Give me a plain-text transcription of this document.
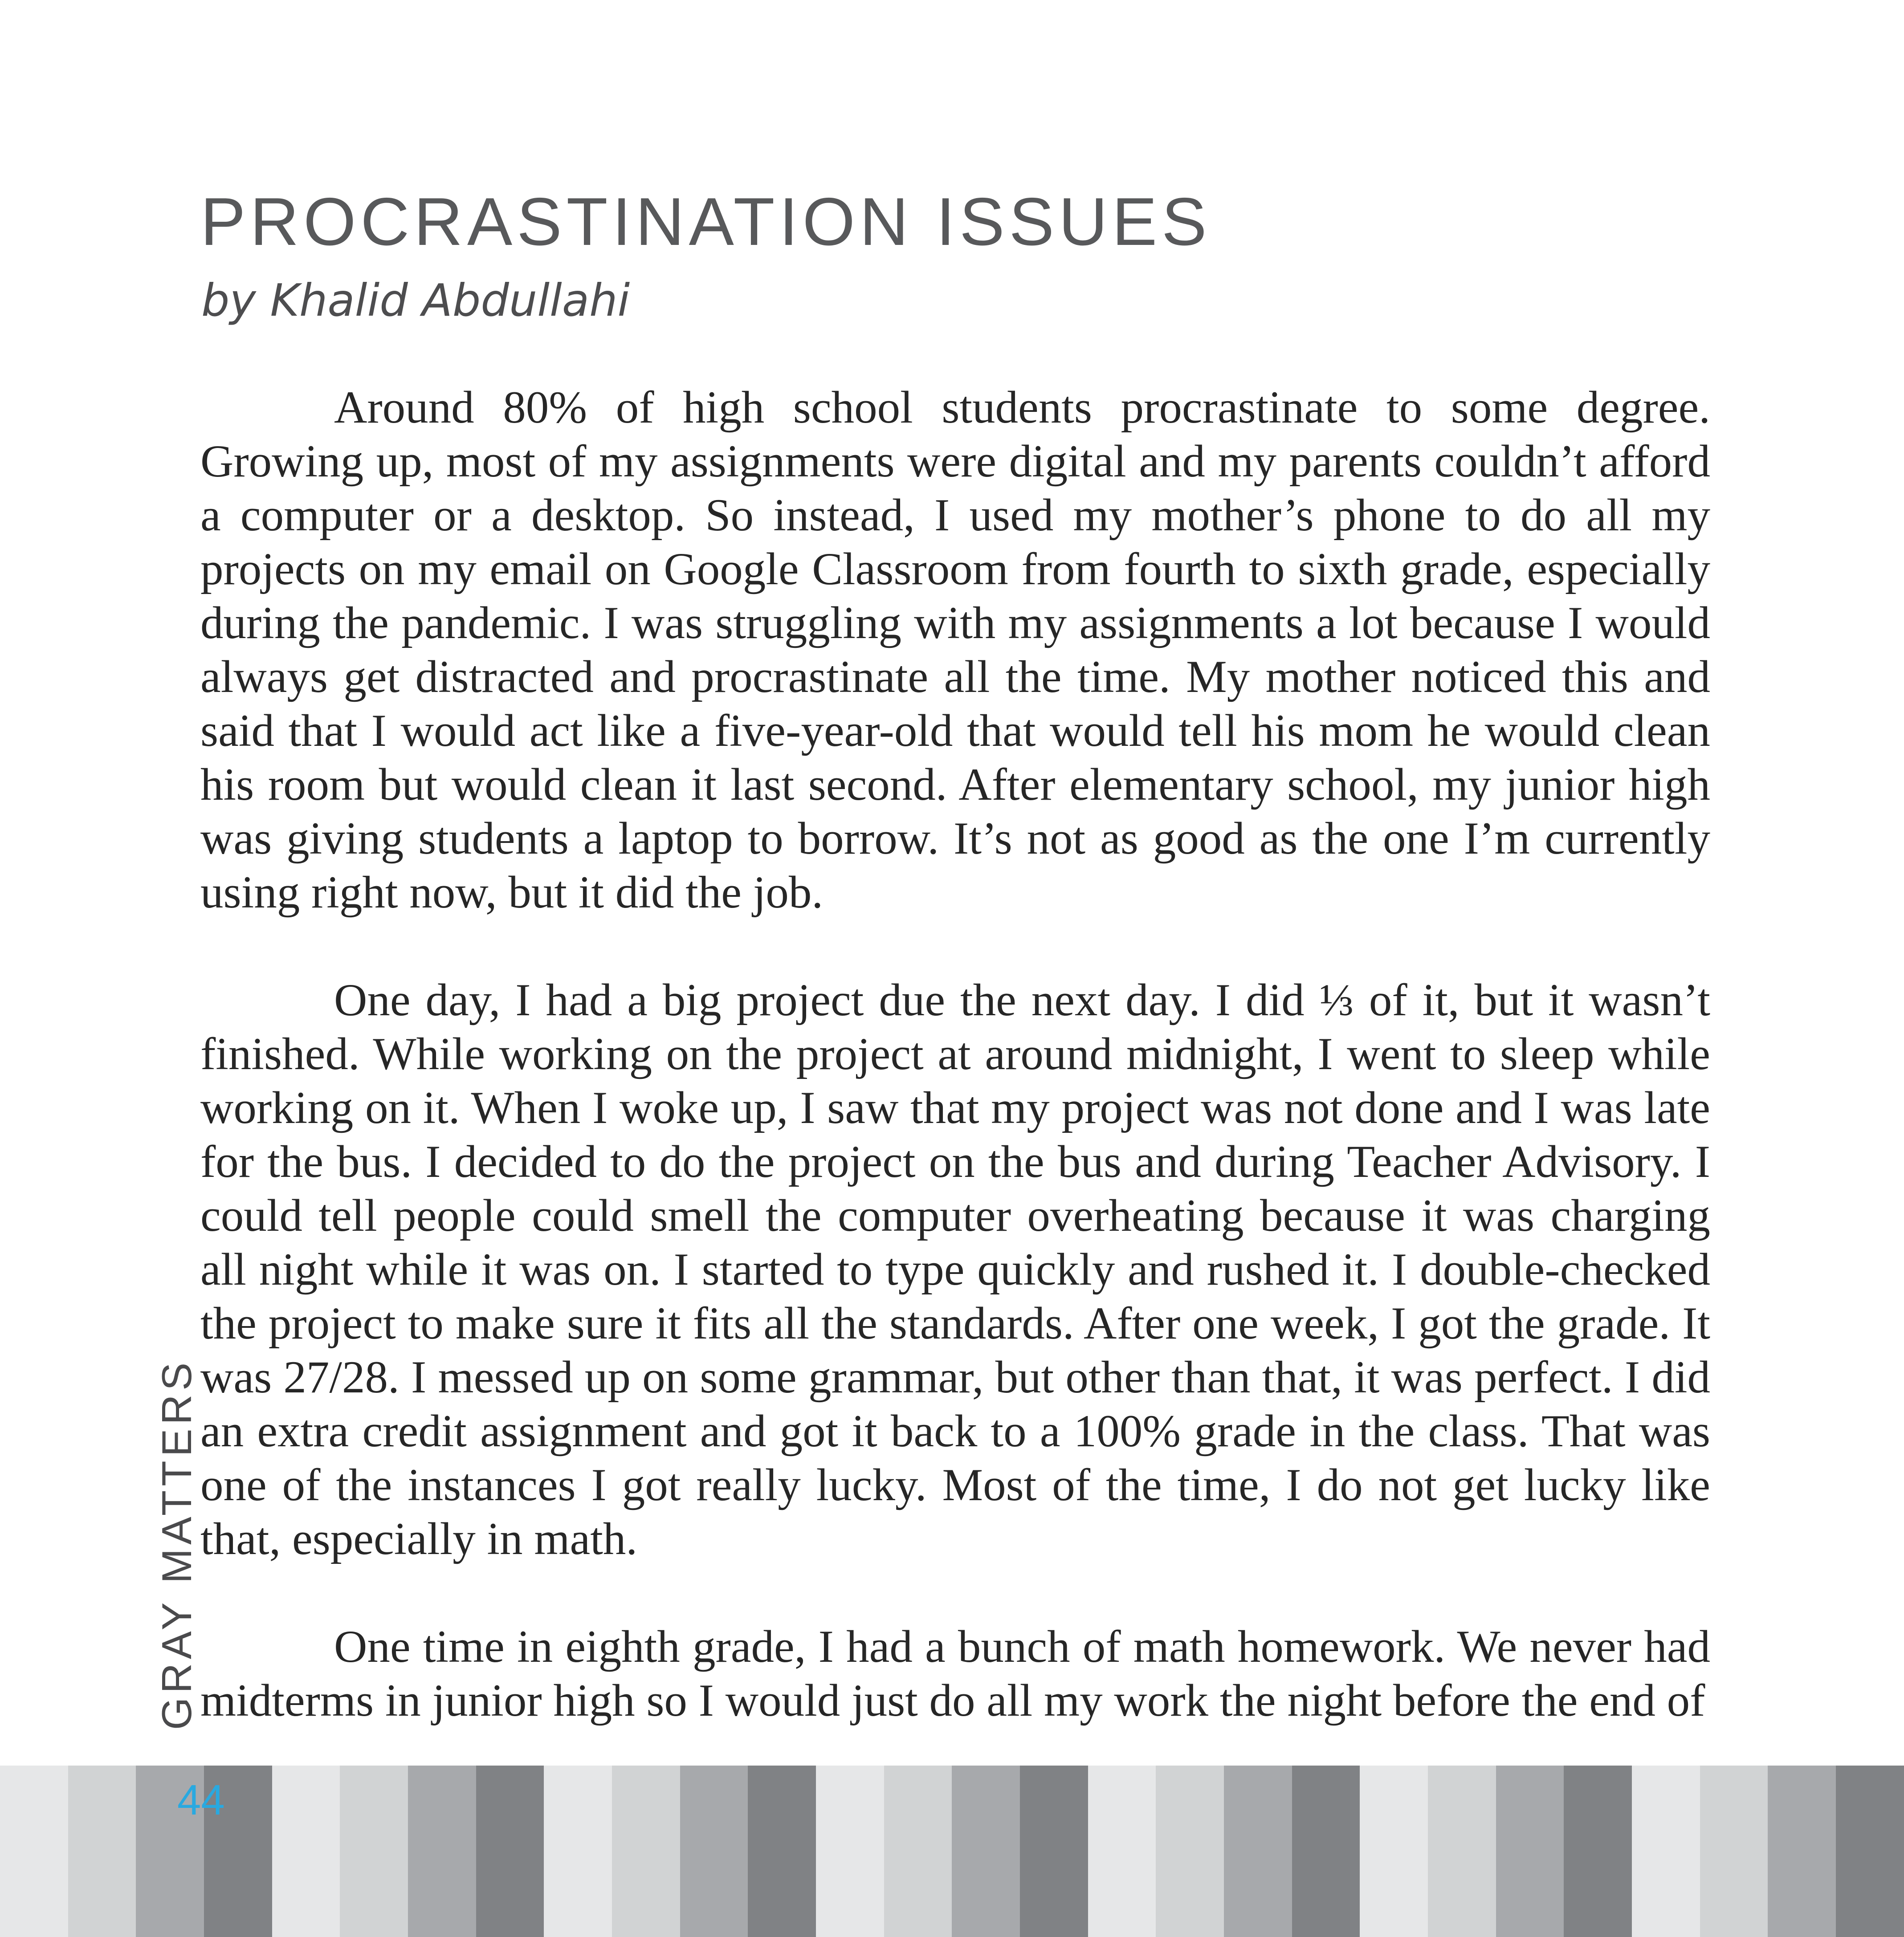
PROCRASTINATION ISSUES

by Khalid Abdullahi

Around 80% of high school students procrastinate to some degree. Growing up, most of my assignments were digital and my parents couldn’t afford a computer or a desktop. So instead, I used my mother’s phone to do all my projects on my email on Google Classroom from fourth to sixth grade, especially during the pandemic. I was struggling with my assignments a lot because I would always get distracted and procrastinate all the time. My mother noticed this and said that I would act like a five-year-old that would tell his mom he would clean his room but would clean it last second. After elementary school, my junior high was giving students a laptop to borrow. It’s not as good as the one I’m currently using right now, but it did the job.

One day, I had a big project due the next day. I did ⅓ of it, but it wasn’t finished. While working on the project at around midnight, I went to sleep while working on it. When I woke up, I saw that my project was not done and I was late for the bus. I decided to do the project on the bus and during Teacher Advisory. I could tell people could smell the computer overheating because it was charging all night while it was on. I started to type quickly and rushed it. I double-checked the project to make sure it fits all the standards. After one week, I got the grade. It was 27/28. I messed up on some grammar, but other than that, it was perfect. I did an extra credit assignment and got it back to a 100% grade in the class. That was one of the instances I got really lucky. Most of the time, I do not get lucky like that, especially in math.

One time in eighth grade, I had a bunch of math homework. We never had midterms in junior high so I would just do all my work the night before the end of

GRAY MATTERS
44
